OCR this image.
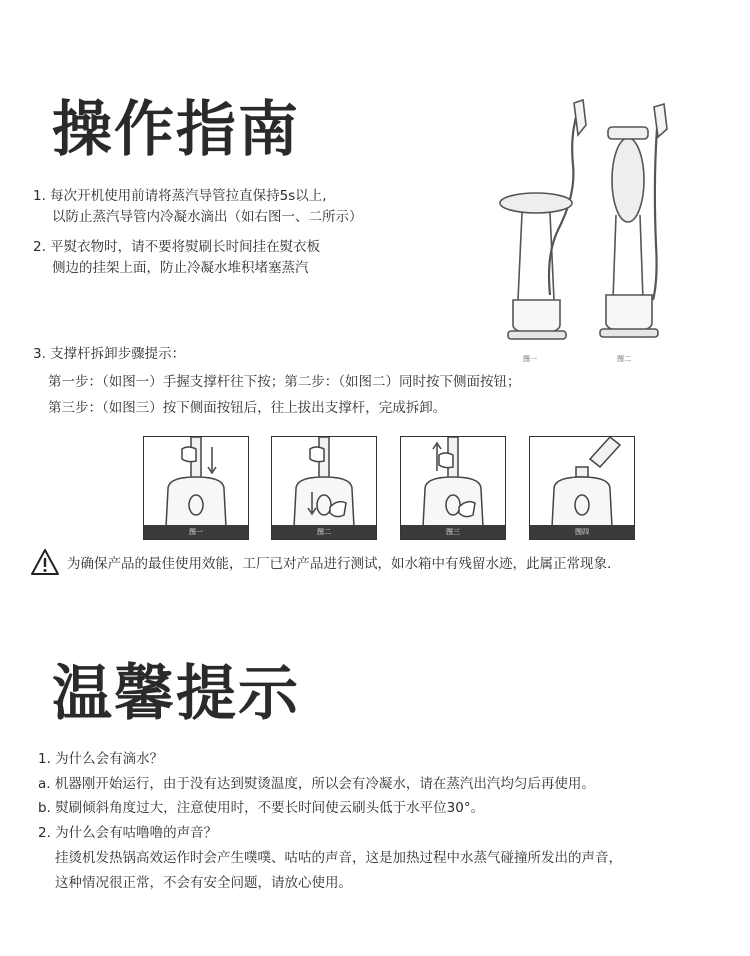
操作指南
1. 每次开机使用前请将蒸汽导管拉直保持5s以上,
以防止蒸汽导管内冷凝水滴出（如右图一、二所示）
2. 平熨衣物时，请不要将熨刷长时间挂在熨衣板
侧边的挂架上面，防止冷凝水堆积堵塞蒸汽
图一	图二
3. 支撑杆拆卸步骤提示：
第一步：（如图一）手握支撑杆往下按；第二步：（如图二）同时按下侧面按钮；
第三步：（如图三）按下侧面按钮后，往上拔出支撑杆，完成拆卸。
图一	图二	图三	图四
为确保产品的最佳使用效能，工厂已对产品进行测试，如水箱中有残留水迹，此属正常现象.
温馨提示
1. 为什么会有滴水？
a. 机器刚开始运行，由于没有达到熨烫温度，所以会有冷凝水，请在蒸汽出汽均匀后再使用。
b. 熨刷倾斜角度过大，注意使用时，不要长时间使云刷头低于水平位30°。
2. 为什么会有咕噜噜的声音？
挂烫机发热锅高效运作时会产生噗噗、咕咕的声音，这是加热过程中水蒸气碰撞所发出的声音，
这种情况很正常，不会有安全问题，请放心使用。
